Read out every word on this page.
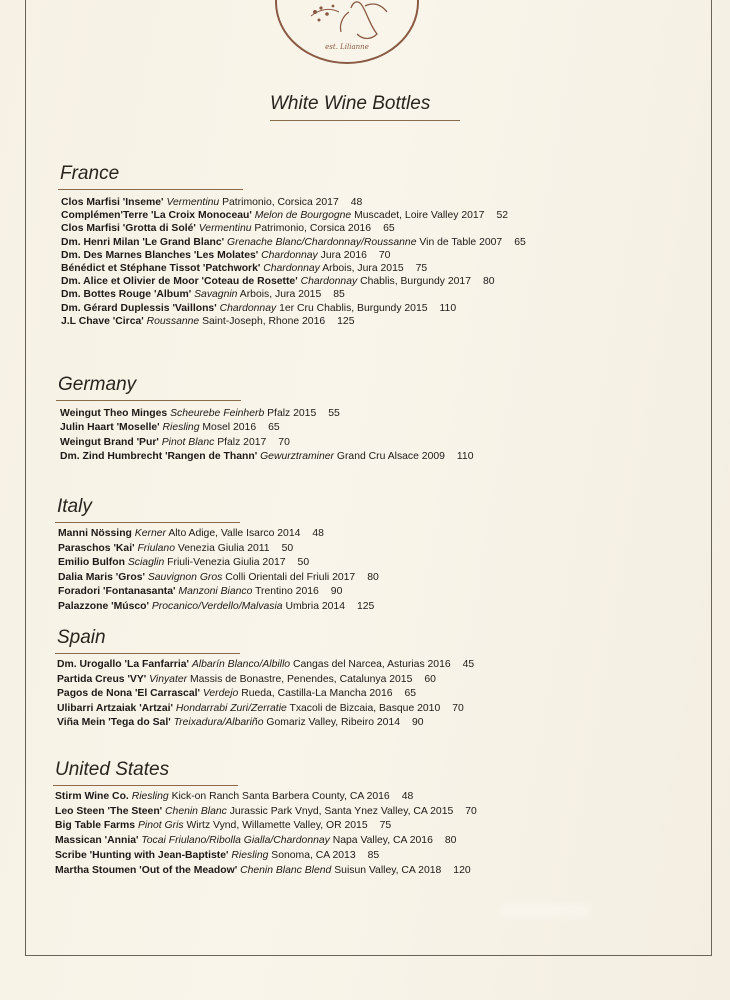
est. Lilianne
White Wine Bottles
France
Clos Marfisi 'Inseme' Vermentinu Patrimonio, Corsica 2017 48
Complémen'Terre 'La Croix Monoceau' Melon de Bourgogne Muscadet, Loire Valley 2017 52
Clos Marfisi 'Grotta di Solé' Vermentinu Patrimonio, Corsica 2016 65
Dm. Henri Milan 'Le Grand Blanc' Grenache Blanc/Chardonnay/Roussanne Vin de Table 2007 65
Dm. Des Marnes Blanches 'Les Molates' Chardonnay Jura 2016 70
Bénédict et Stéphane Tissot 'Patchwork' Chardonnay Arbois, Jura 2015 75
Dm. Alice et Olivier de Moor 'Coteau de Rosette' Chardonnay Chablis, Burgundy 2017 80
Dm. Bottes Rouge 'Album' Savagnin Arbois, Jura 2015 85
Dm. Gérard Duplessis 'Vaillons' Chardonnay 1er Cru Chablis, Burgundy 2015 110
J.L Chave 'Circa' Roussanne Saint-Joseph, Rhone 2016 125
Germany
Weingut Theo Minges Scheurebe Feinherb Pfalz 2015 55
Julin Haart 'Moselle' Riesling Mosel 2016 65
Weingut Brand 'Pur' Pinot Blanc Pfalz 2017 70
Dm. Zind Humbrecht 'Rangen de Thann' Gewurztraminer Grand Cru Alsace 2009 110
Italy
Manni Nössing Kerner Alto Adige, Valle Isarco 2014 48
Paraschos 'Kai' Friulano Venezia Giulia 2011 50
Emilio Bulfon Sciaglin Friuli-Venezia Giulia 2017 50
Dalia Maris 'Gros' Sauvignon Gros Colli Orientali del Friuli 2017 80
Foradori 'Fontanasanta' Manzoni Bianco Trentino 2016 90
Palazzone 'Músco' Procanico/Verdello/Malvasia Umbria 2014 125
Spain
Dm. Urogallo 'La Fanfarria' Albarín Blanco/Albillo Cangas del Narcea, Asturias 2016 45
Partida Creus 'VY' Vinyater Massis de Bonastre, Penendes, Catalunya 2015 60
Pagos de Nona 'El Carrascal' Verdejo Rueda, Castilla-La Mancha 2016 65
Ulibarri Artzaiak 'Artzai' Hondarrabi Zuri/Zerratie Txacoli de Bizcaia, Basque 2010 70
Viña Mein 'Tega do Sal' Treixadura/Albariño Gomariz Valley, Ribeiro 2014 90
United States
Stirm Wine Co. Riesling Kick-on Ranch Santa Barbera County, CA 2016 48
Leo Steen 'The Steen' Chenin Blanc Jurassic Park Vnyd, Santa Ynez Valley, CA 2015 70
Big Table Farms Pinot Gris Wirtz Vynd, Willamette Valley, OR 2015 75
Massican 'Annia' Tocai Friulano/Ribolla Gialla/Chardonnay Napa Valley, CA 2016 80
Scribe 'Hunting with Jean-Baptiste' Riesling Sonoma, CA 2013 85
Martha Stoumen 'Out of the Meadow' Chenin Blanc Blend Suisun Valley, CA 2018 120
